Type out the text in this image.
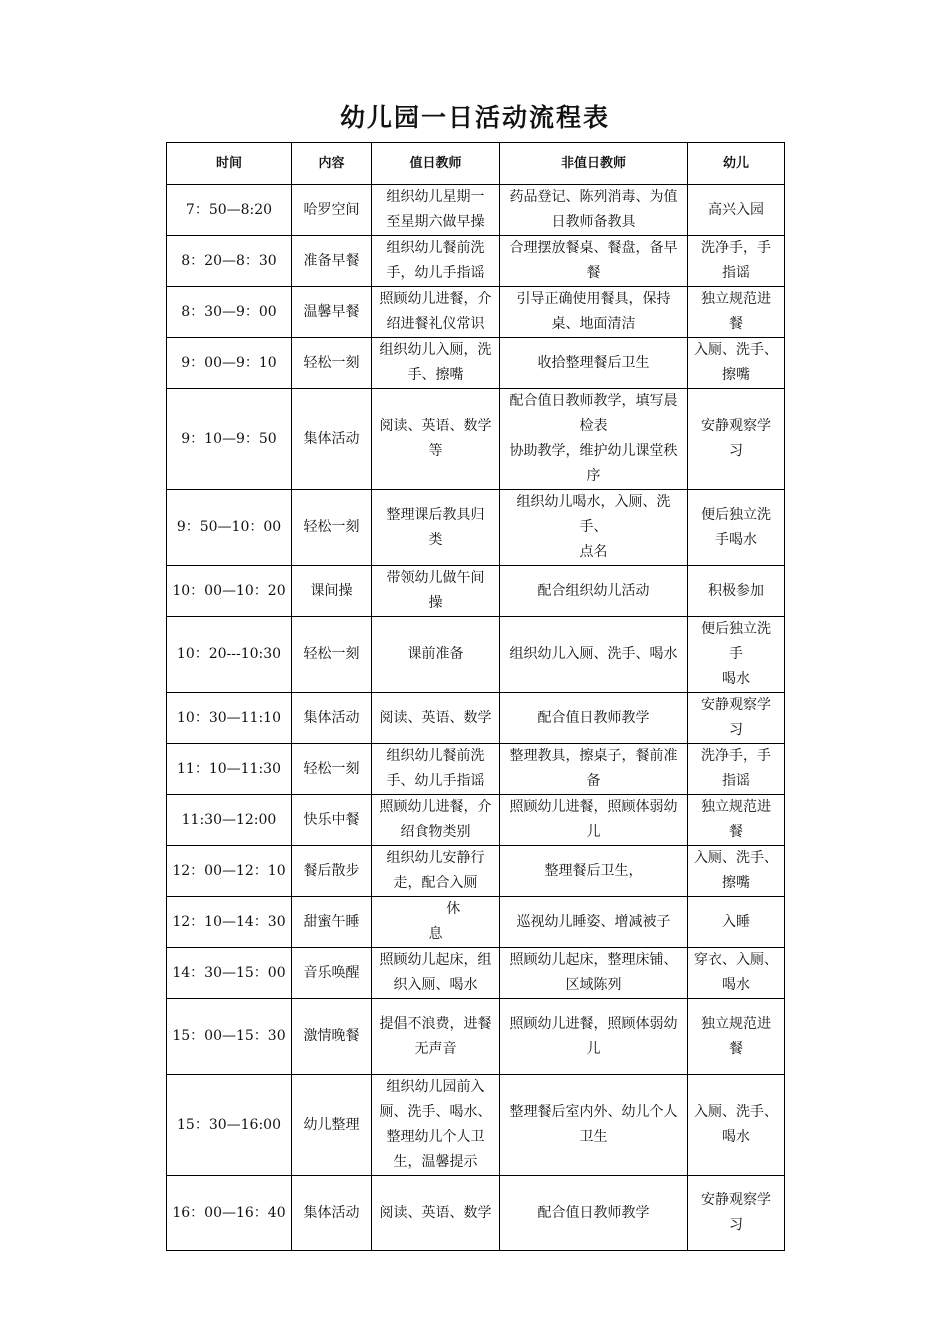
幼儿园一日活动流程表
时间	内容	值日教师	非值日教师	幼儿
7：50—8:20	哈罗空间	组织幼儿星期一
至星期六做早操	药品登记、陈列消毒、为值
日教师备教具	高兴入园
8：20—8：30	准备早餐	组织幼儿餐前洗
手，幼儿手指谣	合理摆放餐桌、餐盘，备早
餐	洗净手，手
指谣
8：30—9：00	温馨早餐	照顾幼儿进餐，介
绍进餐礼仪常识	引导正确使用餐具，保持
桌、地面清洁	独立规范进
餐
9：00—9：10	轻松一刻	组织幼儿入厕，洗
手、擦嘴	收拾整理餐后卫生	入厕、洗手、
擦嘴
9：10—9：50	集体活动	阅读、英语、数学
等	配合值日教师教学，填写晨
检表
协助教学，维护幼儿课堂秩
序	安静观察学
习
9：50—10：00	轻松一刻	整理课后教具归
类	组织幼儿喝水，入厕、洗手、
点名	便后独立洗
手喝水
10：00—10：20	课间操	带领幼儿做午间
操	配合组织幼儿活动	积极参加
10：20---10:30	轻松一刻	课前准备	组织幼儿入厕、洗手、喝水	便后独立洗
手
喝水
10：30—11:10	集体活动	阅读、英语、数学	配合值日教师教学	安静观察学
习
11：10—11:30	轻松一刻	组织幼儿餐前洗
手、幼儿手指谣	整理教具，擦桌子，餐前准
备	洗净手，手
指谣
11:30—12:00	快乐中餐	照顾幼儿进餐，介
绍食物类别	照顾幼儿进餐，照顾体弱幼
儿	独立规范进
餐
12：00—12：10	餐后散步	组织幼儿安静行
走，配合入厕	整理餐后卫生，	入厕、洗手、
擦嘴
12：10—14：30	甜蜜午睡	休
息	巡视幼儿睡姿、增减被子	入睡
14：30—15：00	音乐唤醒	照顾幼儿起床，组
织入厕、喝水	照顾幼儿起床，整理床铺、
区域陈列	穿衣、入厕、
喝水
15：00—15：30	激情晚餐	提倡不浪费，进餐
无声音	照顾幼儿进餐，照顾体弱幼
儿	独立规范进
餐
15：30—16:00	幼儿整理	组织幼儿园前入
厕、洗手、喝水、
整理幼儿个人卫
生，温馨提示	整理餐后室内外、幼儿个人
卫生	入厕、洗手、
喝水
16：00—16：40	集体活动	阅读、英语、数学	配合值日教师教学	安静观察学
习
